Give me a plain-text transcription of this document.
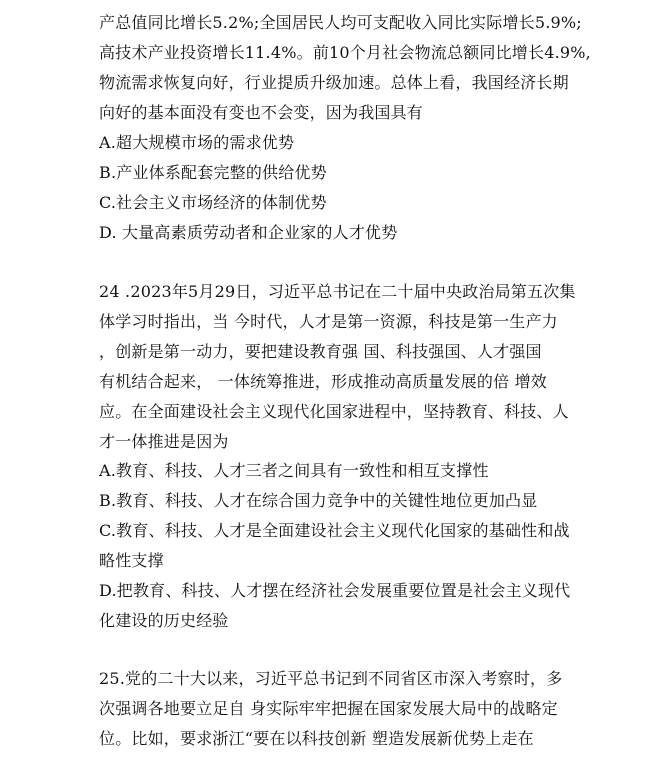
产总值同比增长5.2%;全国居民人均可支配收入同比实际增长5.9%;
高技术产业投资增长11.4%。前10个月社会物流总额同比增长4.9%,
物流需求恢复向好，行业提质升级加速。总体上看，我国经济长期
向好的基本面没有变也不会变，因为我国具有
A.超大规模市场的需求优势
B.产业体系配套完整的供给优势
C.社会主义市场经济的体制优势
D. 大量高素质劳动者和企业家的人才优势
24 .2023年5月29日，习近平总书记在二十届中央政治局第五次集
体学习时指出，当 今时代，人才是第一资源，科技是第一生产力
，创新是第一动力，要把建设教育强 国、科技强国、人才强国
有机结合起来， 一体统筹推进，形成推动高质量发展的倍 增效
应。在全面建设社会主义现代化国家进程中，坚持教育、科技、人
才一体推进是因为
A.教育、科技、人才三者之间具有一致性和相互支撑性
B.教育、科技、人才在综合国力竞争中的关键性地位更加凸显
C.教育、科技、人才是全面建设社会主义现代化国家的基础性和战
略性支撑
D.把教育、科技、人才摆在经济社会发展重要位置是社会主义现代
化建设的历史经验
25.党的二十大以来，习近平总书记到不同省区市深入考察时，多
次强调各地要立足自 身实际牢牢把握在国家发展大局中的战略定
位。比如，要求浙江“要在以科技创新 塑造发展新优势上走在
